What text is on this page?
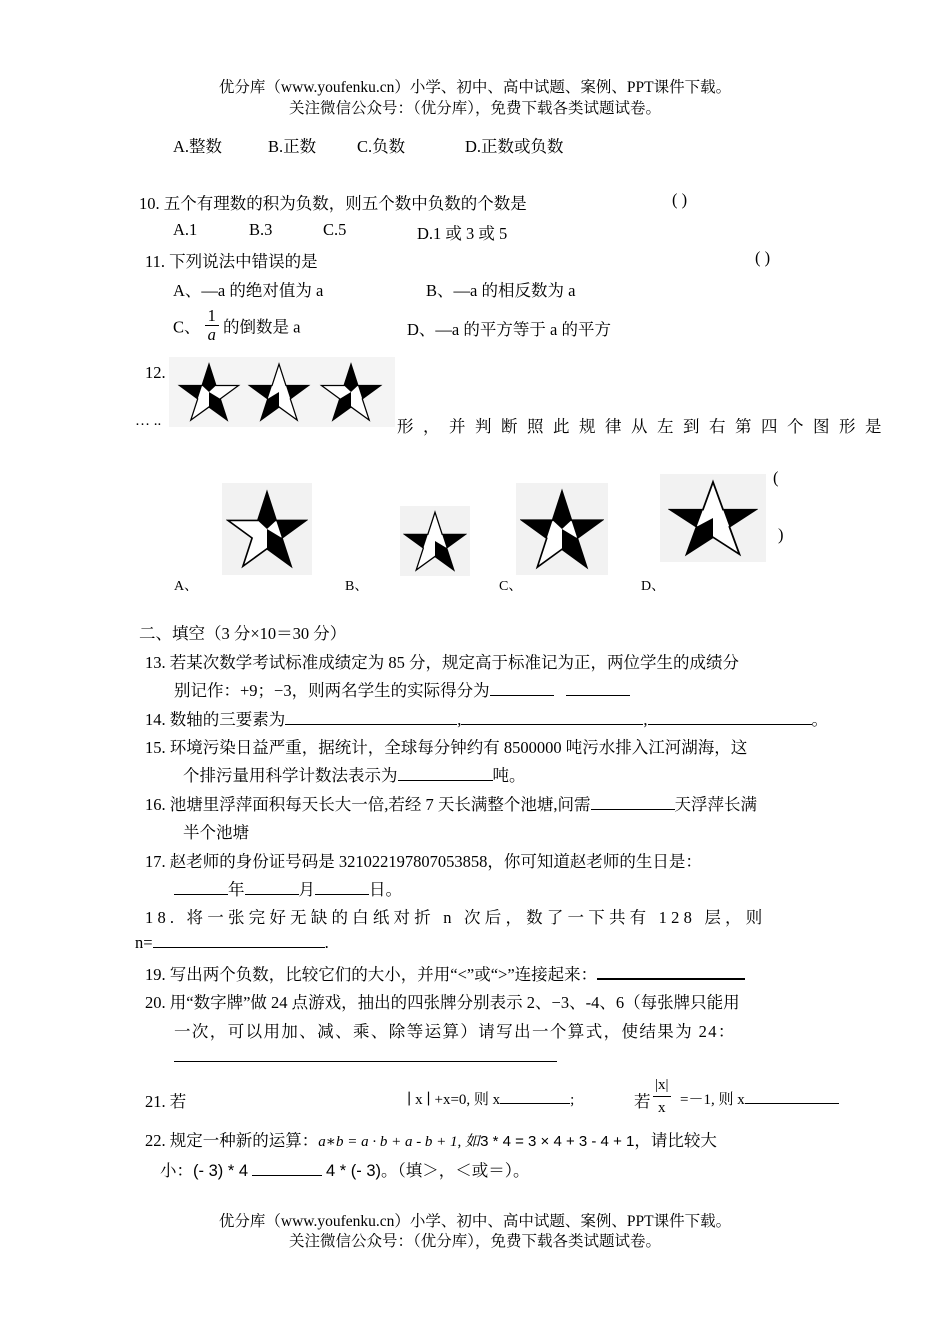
优分库（www.youfenku.cn）小学、初中、高中试题、案例、PPT课件下载。
关注微信公众号：（优分库），免费下载各类试题试卷。
A.整数	B.正数 C.负数	D.正数或负数
10. 五个有理数的积为负数，则五个数中负数的个数是	( )
A.1	B.3	C.5	D.1 或 3 或 5
11. 下列说法中错误的是	( )
A、—a 的绝对值为 a	B、—a 的相反数为 a
C、 $\frac{1}{a}$ 的倒数是 a	D、—a 的平方等于 a 的平方
12.
… ..	形，并判断照此规律从左到右第四个图形是
(
)
A、	B、	C、	D、
二、填空（3 分×10＝30 分）
13. 若某次数学考试标准成绩定为 85 分，规定高于标准记为正，两位学生的成绩分
别记作：+9；−3，则两名学生的实际得分为
14. 数轴的三要素为	,	,	。
15. 环境污染日益严重，据统计，全球每分钟约有 8500000 吨污水排入江河湖海，这
个排污量用科学计数法表示为	吨。
16. 池塘里浮萍面积每天长大一倍,若经 7 天长满整个池塘,问需	天浮萍长满
半个池塘
17. 赵老师的身份证号码是 321022197807053858，你可知道赵老师的生日是：
年	月	日。
18. 将一张完好无缺的白纸对折 n 次后，数了一下共有 128 层，则
n=	.
19. 写出两个负数，比较它们的大小，并用“<”或“>”连接起来：
20. 用“数字牌”做 24 点游戏，抽出的四张牌分别表示 2、−3、-4、6（每张牌只能用
一次，可以用加、减、乘、除等运算）请写出一个算式，使结果为 24：
21. 若	∣ x ∣ +x=0, 则 x	;	若 $\frac{|x|}{x} =-1$, 则 x
22. 规定一种新的运算：a∗b = a · b + a - b + 1, 如3 * 4 = 3 × 4 + 3 - 4 + 1，请比较大
小：(- 3) * 4	4 * (- 3)。（填＞，＜或＝）。
优分库（www.youfenku.cn）小学、初中、高中试题、案例、PPT课件下载。
关注微信公众号：（优分库），免费下载各类试题试卷。
